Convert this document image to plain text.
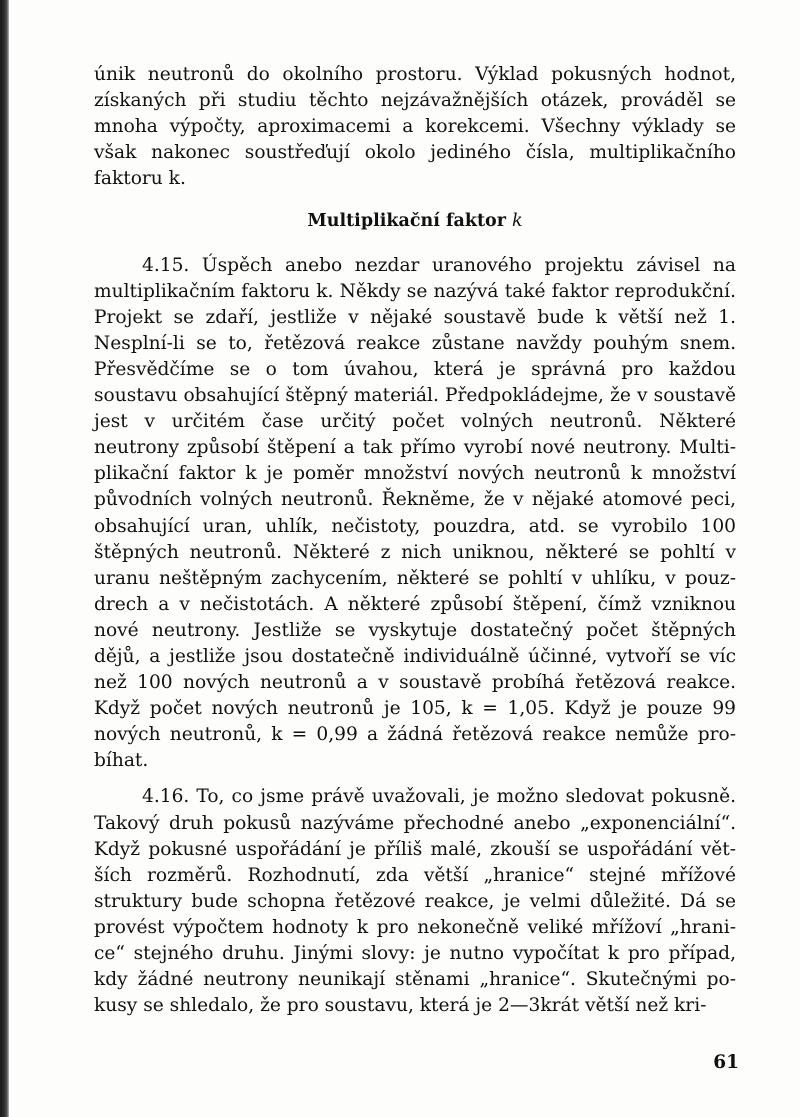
únik neutronů do okolního prostoru. Výklad pokusných hodnot, získaných při studiu těchto nejzávažnějších otázek, prováděl se mnoha výpočty, aproximacemi a korekcemi. Všechny výklady se však nakonec soustřeďují okolo jediného čísla, multiplikačního faktoru k.

Multiplikační faktor k

4.15. Úspěch anebo nezdar uranového projektu závisel na multiplikačním faktoru k. Někdy se nazývá také faktor reprodukční. Projekt se zdaří, jestliže v nějaké soustavě bude k větší než 1. Nesplní-li se to, řetězová reakce zůstane navždy pouhým snem. Přesvědčíme se o tom úvahou, která je správná pro každou soustavu obsahující štěpný materiál. Předpokládejme, že v soustavě jest v určitém čase určitý počet volných neutronů. Některé neutrony způsobí štěpení a tak přímo vyrobí nové neutrony. Multiplikační faktor k je poměr množství nových neutronů k množství původních volných neutronů. Řekněme, že v nějaké atomové peci, obsahující uran, uhlík, nečistoty, pouzdra, atd. se vyrobilo 100 štěpných neutronů. Některé z nich uniknou, některé se pohltí v uranu neštěpným zachycením, některé se pohltí v uhlíku, v pouzdrech a v nečistotách. A některé způsobí štěpení, čímž vzniknou nové neutrony. Jestliže se vyskytuje dostatečný počet štěpných dějů, a jestliže jsou dostatečně individuálně účinné, vytvoří se víc než 100 nových neutronů a v soustavě probíhá řetězová reakce. Když počet nových neutronů je 105, k = 1,05. Když je pouze 99 nových neutronů, k = 0,99 a žádná řetězová reakce nemůže probíhat.

4.16. To, co jsme právě uvažovali, je možno sledovat pokusně. Takový druh pokusů nazýváme přechodné anebo „exponenciální“. Když pokusné uspořádání je příliš malé, zkouší se uspořádání větších rozměrů. Rozhodnutí, zda větší „hranice“ stejné mřížové struktury bude schopna řetězové reakce, je velmi důležité. Dá se provést výpočtem hodnoty k pro nekonečně veliké mřížoví „hranice“ stejného druhu. Jinými slovy: je nutno vypočítat k pro případ, kdy žádné neutrony neunikají stěnami „hranice“. Skutečnými pokusy se shledalo, že pro soustavu, která je 2—3krát větší než kri-

61
